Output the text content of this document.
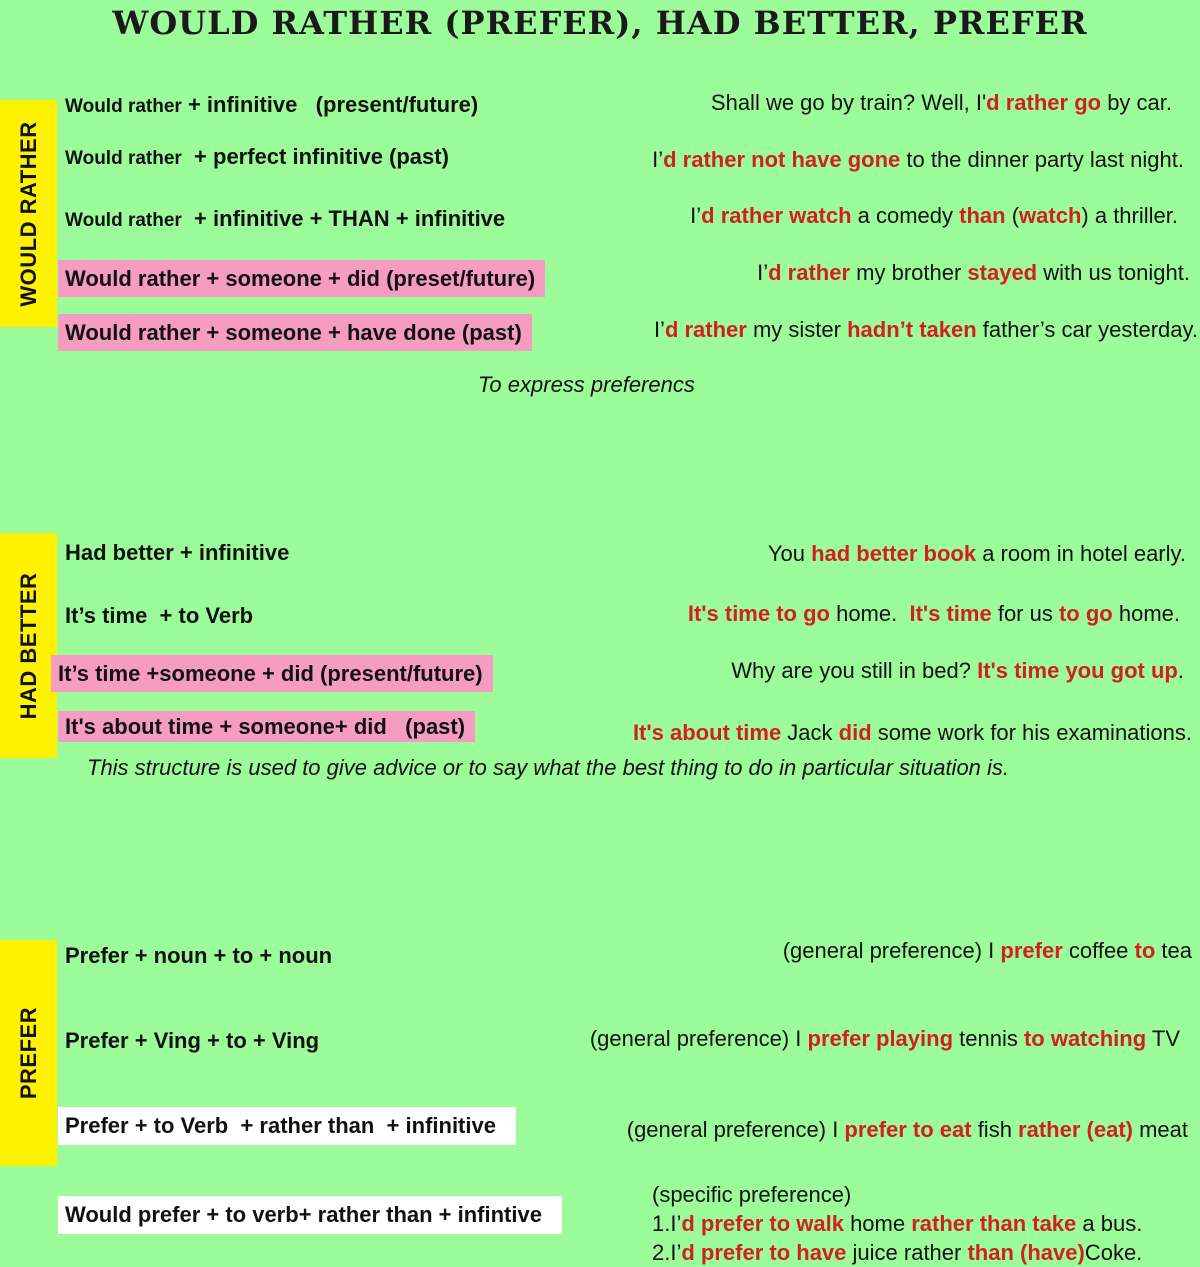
WOULD RATHER (PREFER), HAD BETTER, PREFER
WOULD RATHER
Would rather + infinitive   (present/future)
Would rather  + perfect infinitive (past)
Would rather  + infinitive + THAN + infinitive
Would rather + someone + did (preset/future)
Would rather + someone + have done (past)
Shall we go by train? Well, I'd rather go by car.
I’d rather not have gone to the dinner party last night.
I’d rather watch a comedy than (watch) a thriller.
I’d rather my brother stayed with us tonight.
I’d rather my sister hadn’t taken father’s car yesterday.
To express preferencs
HAD BETTER
Had better + infinitive
It’s time  + to Verb
It’s time +someone + did (present/future)
It's about time + someone+ did   (past)
You had better book a room in hotel early.
It's time to go home.  It's time for us to go home.
Why are you still in bed? It's time you got up.
It's about time Jack did some work for his examinations.
This structure is used to give advice or to say what the best thing to do in particular situation is.
PREFER
Prefer + noun + to + noun
Prefer + Ving + to + Ving
Prefer + to Verb  + rather than  + infinitive
Would prefer + to verb+ rather than + infintive
(general preference) I prefer coffee to tea
(general preference) I prefer playing tennis to watching TV
(general preference) I prefer to eat fish rather (eat) meat
(specific preference)
1.I’d prefer to walk home rather than take a bus.
2.I’d prefer to have juice rather than (have)Coke.
